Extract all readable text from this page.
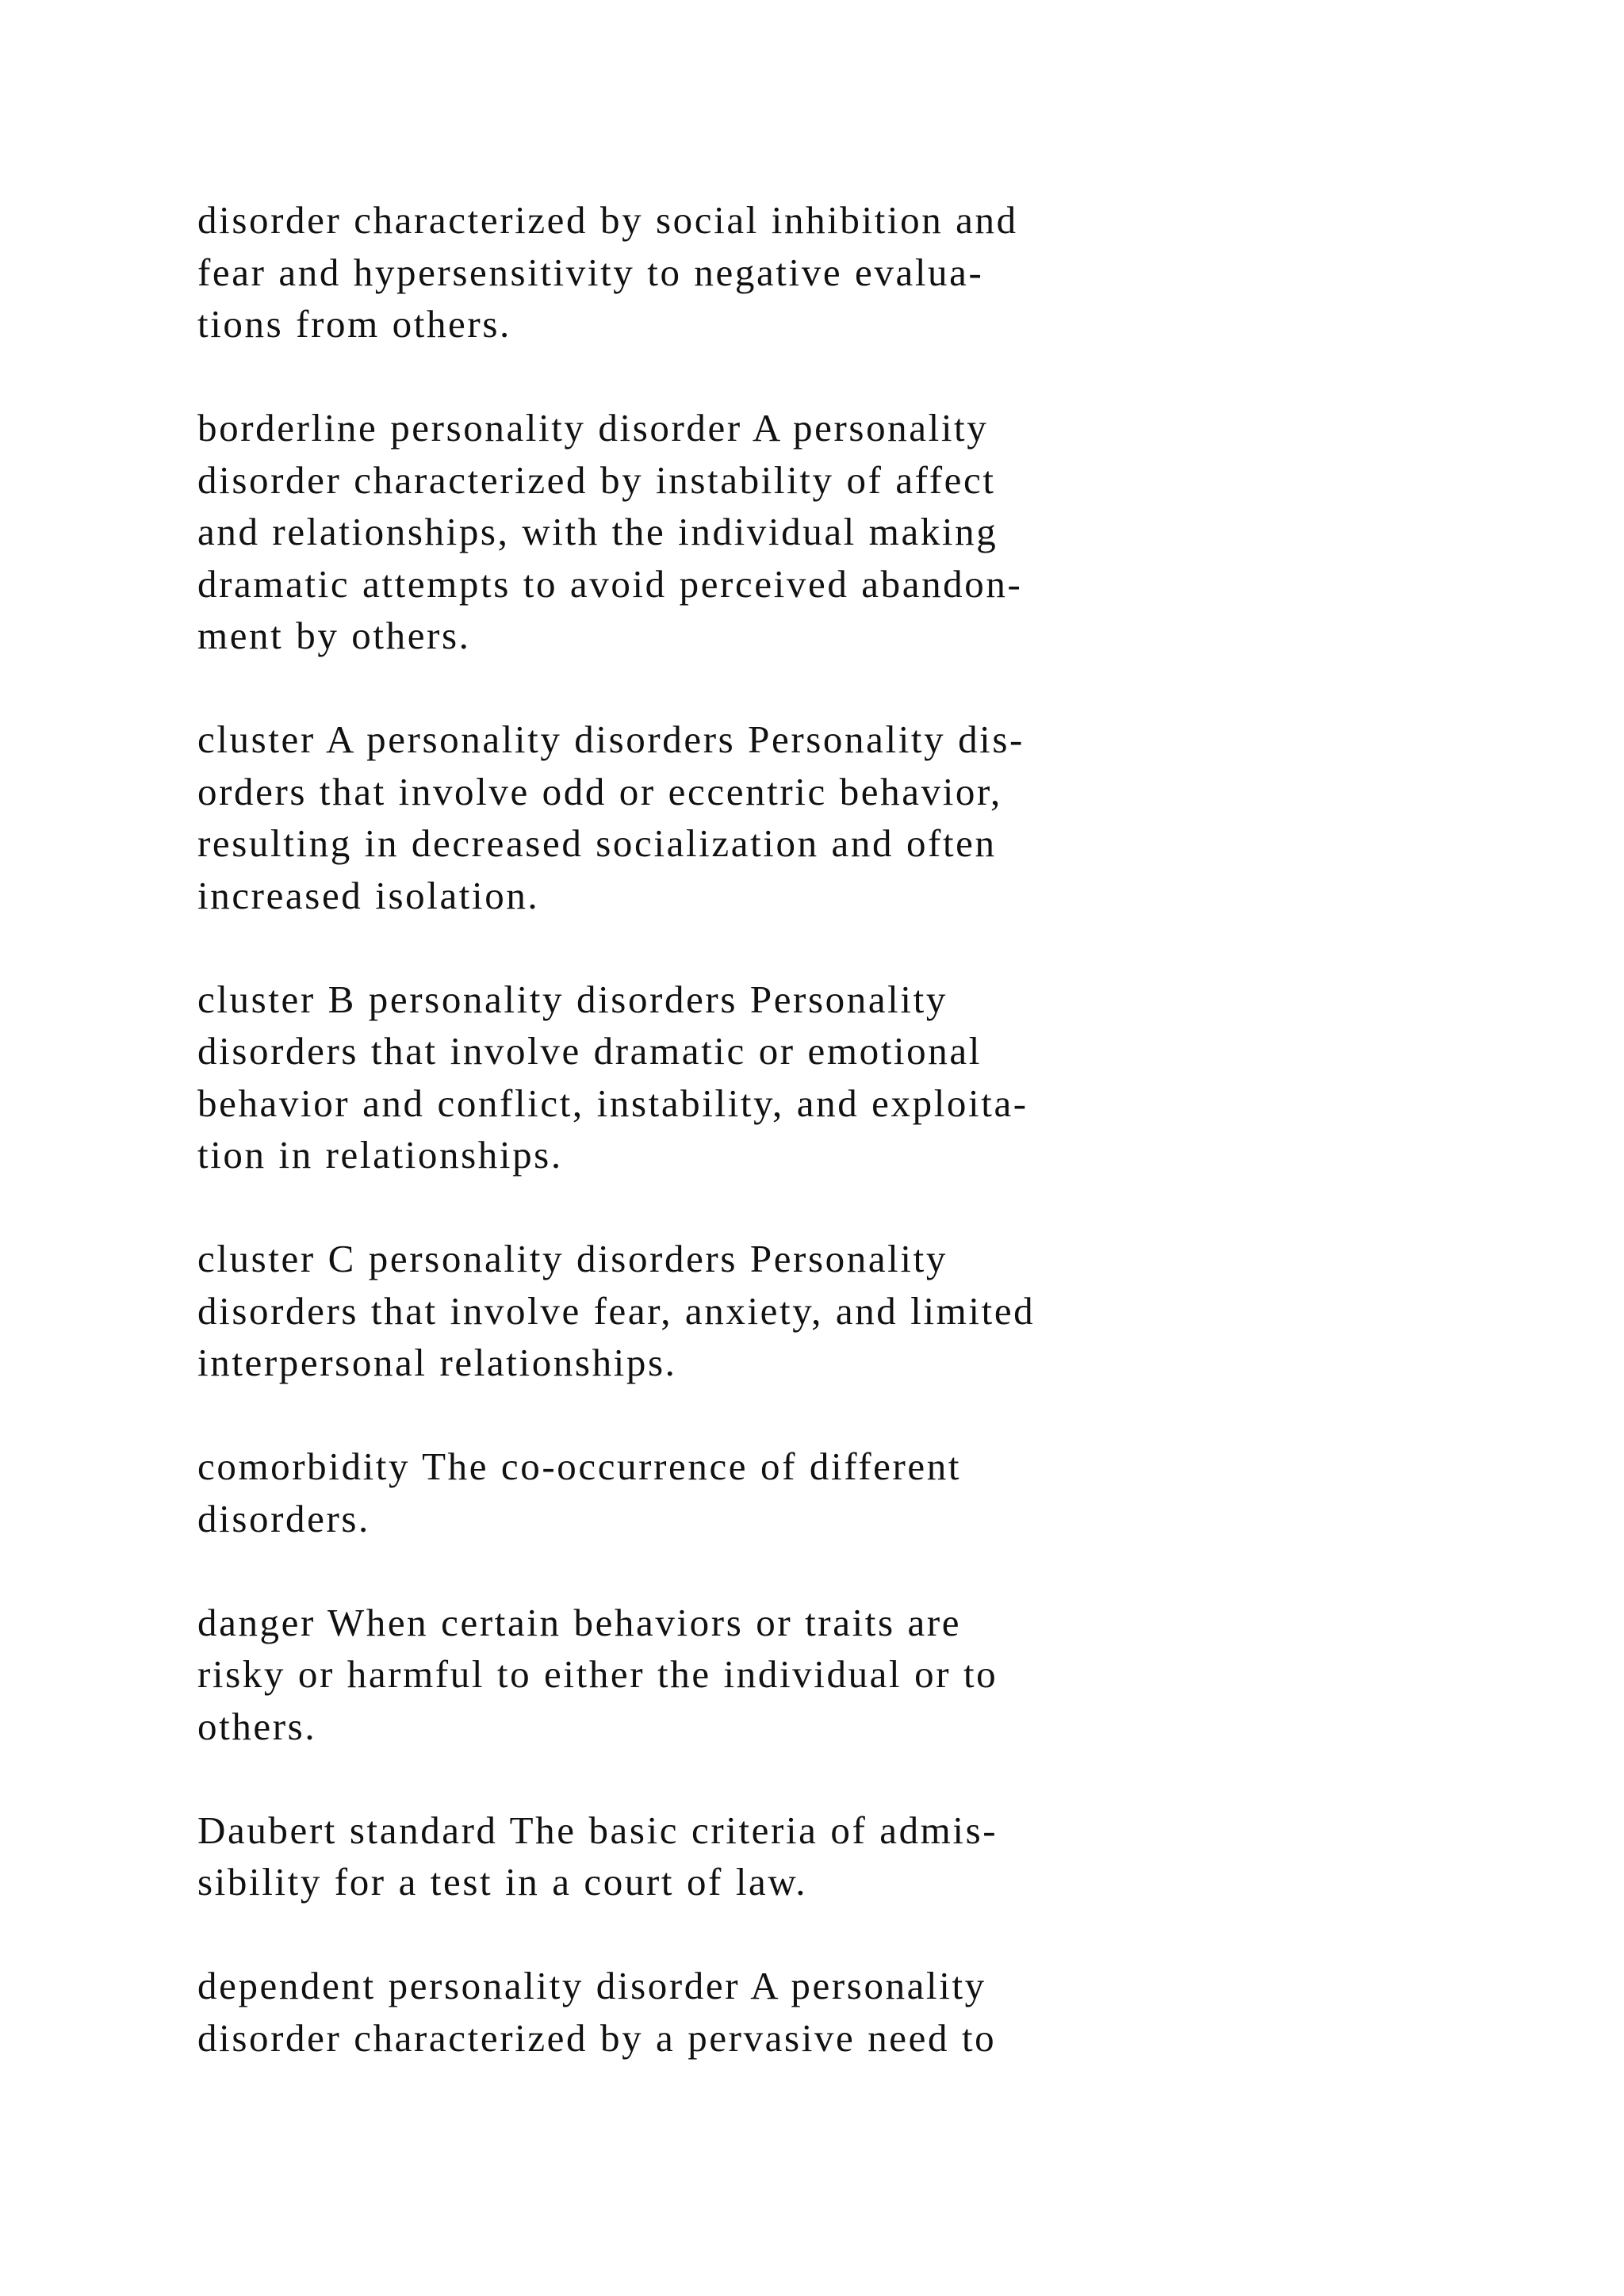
disorder characterized by social inhibition and
fear and hypersensitivity to negative evalua-
tions from others.
borderline personality disorder A personality
disorder characterized by instability of affect
and relationships, with the individual making
dramatic attempts to avoid perceived abandon-
ment by others.
cluster A personality disorders Personality dis-
orders that involve odd or eccentric behavior,
resulting in decreased socialization and often
increased isolation.
cluster B personality disorders Personality
disorders that involve dramatic or emotional
behavior and conflict, instability, and exploita-
tion in relationships.
cluster C personality disorders Personality
disorders that involve fear, anxiety, and limited
interpersonal relationships.
comorbidity The co-occurrence of different
disorders.
danger When certain behaviors or traits are
risky or harmful to either the individual or to
others.
Daubert standard The basic criteria of admis-
sibility for a test in a court of law.
dependent personality disorder A personality
disorder characterized by a pervasive need to
